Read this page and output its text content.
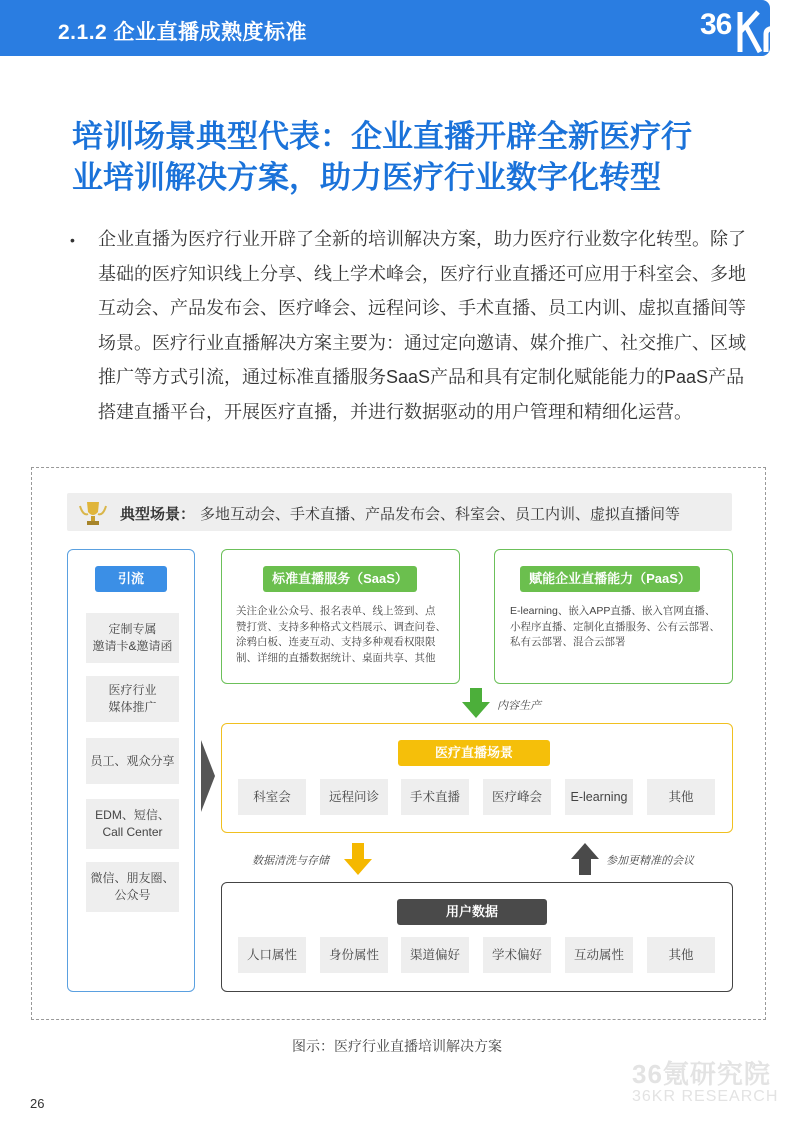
2.1.2 企业直播成熟度标准	36
培训场景典型代表：企业直播开辟全新医疗行
业培训解决方案，助力医疗行业数字化转型
• 企业直播为医疗行业开辟了全新的培训解决方案，助力医疗行业数字化转型。除了基础的医疗知识线上分享、线上学术峰会，医疗行业直播还可应用于科室会、多地互动会、产品发布会、医疗峰会、远程问诊、手术直播、员工内训、虚拟直播间等场景。医疗行业直播解决方案主要为：通过定向邀请、媒介推广、社交推广、区域推广等方式引流，通过标准直播服务SaaS产品和具有定制化赋能能力的PaaS产品搭建直播平台，开展医疗直播，并进行数据驱动的用户管理和精细化运营。
典型场景： 多地互动会、手术直播、产品发布会、科室会、员工内训、虚拟直播间等
引流
定制专属
邀请卡&邀请函
医疗行业
媒体推广
员工、观众分享
EDM、短信、
Call Center
微信、朋友圈、
公众号
标准直播服务（SaaS）
关注企业公众号、报名表单、线上签到、点
赞打赏、支持多种格式文档展示、调查问卷、
涂鸦白板、连麦互动、支持多种观看权限限
制、详细的直播数据统计、桌面共享、其他
赋能企业直播能力（PaaS）
E-learning、嵌入APP直播、嵌入官网直播、
小程序直播、定制化直播服务、公有云部署、
私有云部署、混合云部署
内容生产
医疗直播场景
科室会	远程问诊	手术直播	医疗峰会	E-learning	其他
数据清洗与存储	参加更精准的会议
用户数据
人口属性	身份属性	渠道偏好	学术偏好	互动属性	其他
图示：医疗行业直播培训解决方案
36氪研究院
36KR RESEARCH
26
